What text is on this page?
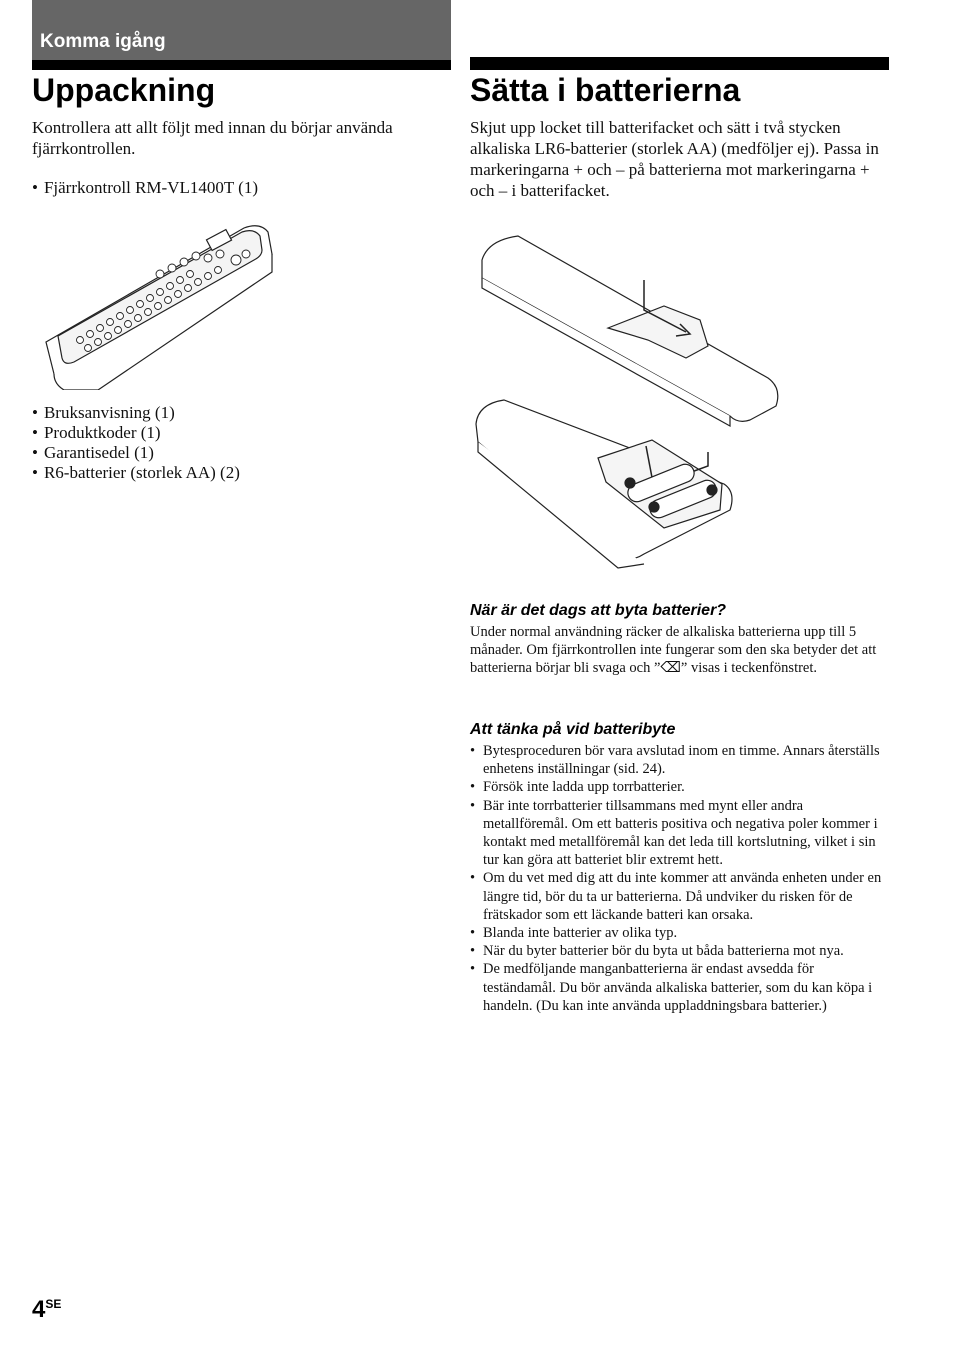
Komma igång
Uppackning

Kontrollera att allt följt med innan du börjar använda fjärrkontrollen.

• Fjärrkontroll RM-VL1400T (1)
• Bruksanvisning (1)
• Produktkoder (1)
• Garantisedel (1)
• R6-batterier (storlek AA) (2)
Sätta i batterierna

Skjut upp locket till batterifacket och sätt i två stycken alkaliska LR6-batterier (storlek AA) (medföljer ej). Passa in markeringarna + och – på batterierna mot markeringarna + och – i batterifacket.

När är det dags att byta batterier?

Under normal användning räcker de alkaliska batterierna upp till 5 månader. Om fjärrkontrollen inte fungerar som den ska betyder det att batterierna börjar bli svaga och ”⌫” visas i teckenfönstret.

Att tänka på vid batteribyte
• Bytesproceduren bör vara avslutad inom en timme. Annars återställs enhetens inställningar (sid. 24).
• Försök inte ladda upp torrbatterier.
• Bär inte torrbatterier tillsammans med mynt eller andra metallföremål. Om ett batteris positiva och negativa poler kommer i kontakt med metallföremål kan det leda till kortslutning, vilket i sin tur kan göra att batteriet blir extremt hett.
• Om du vet med dig att du inte kommer att använda enheten under en längre tid, bör du ta ur batterierna. Då undviker du risken för de frätskador som ett läckande batteri kan orsaka.
• Blanda inte batterier av olika typ.
• När du byter batterier bör du byta ut båda batterierna mot nya.
• De medföljande manganbatterierna är endast avsedda för teständamål. Du bör använda alkaliska batterier, som du kan köpa i handeln. (Du kan inte använda uppladdningsbara batterier.)
$4^{SE}$
